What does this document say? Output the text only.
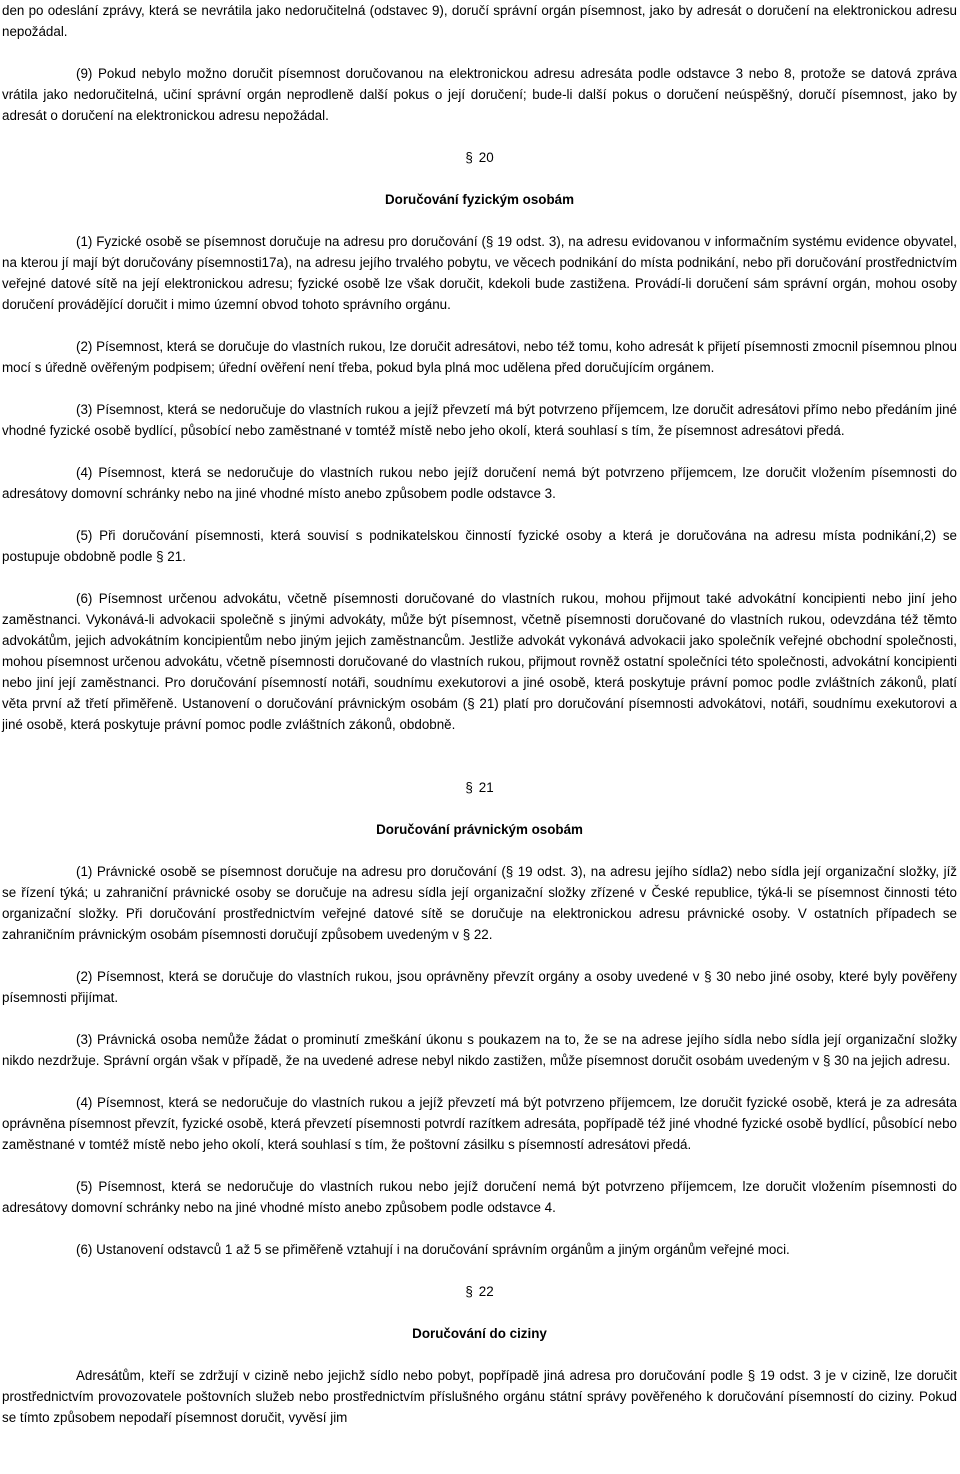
den po odeslání zprávy, která se nevrátila jako nedoručitelná (odstavec 9), doručí správní orgán písemnost, jako by adresát o doručení na elektronickou adresu nepožádal.

(9) Pokud nebylo možno doručit písemnost doručovanou na elektronickou adresu adresáta podle odstavce 3 nebo 8, protože se datová zpráva vrátila jako nedoručitelná, učiní správní orgán neprodleně další pokus o její doručení; bude-li další pokus o doručení neúspěšný, doručí písemnost, jako by adresát o doručení na elektronickou adresu nepožádal.

§ 20
Doručování fyzickým osobám

(1) Fyzické osobě se písemnost doručuje na adresu pro doručování (§ 19 odst. 3), na adresu evidovanou v informačním systému evidence obyvatel, na kterou jí mají být doručovány písemnosti17a), na adresu jejího trvalého pobytu, ve věcech podnikání do místa podnikání, nebo při doručování prostřednictvím veřejné datové sítě na její elektronickou adresu; fyzické osobě lze však doručit, kdekoli bude zastižena. Provádí-li doručení sám správní orgán, mohou osoby doručení provádějící doručit i mimo územní obvod tohoto správního orgánu.

(2) Písemnost, která se doručuje do vlastních rukou, lze doručit adresátovi, nebo též tomu, koho adresát k přijetí písemnosti zmocnil písemnou plnou mocí s úředně ověřeným podpisem; úřední ověření není třeba, pokud byla plná moc udělena před doručujícím orgánem.

(3) Písemnost, která se nedoručuje do vlastních rukou a jejíž převzetí má být potvrzeno příjemcem, lze doručit adresátovi přímo nebo předáním jiné vhodné fyzické osobě bydlící, působící nebo zaměstnané v tomtéž místě nebo jeho okolí, která souhlasí s tím, že písemnost adresátovi předá.

(4) Písemnost, která se nedoručuje do vlastních rukou nebo jejíž doručení nemá být potvrzeno příjemcem, lze doručit vložením písemnosti do adresátovy domovní schránky nebo na jiné vhodné místo anebo způsobem podle odstavce 3.

(5) Při doručování písemnosti, která souvisí s podnikatelskou činností fyzické osoby a která je doručována na adresu místa podnikání,2) se postupuje obdobně podle § 21.

(6) Písemnost určenou advokátu, včetně písemnosti doručované do vlastních rukou, mohou přijmout také advokátní koncipienti nebo jiní jeho zaměstnanci. Vykonává-li advokacii společně s jinými advokáty, může být písemnost, včetně písemnosti doručované do vlastních rukou, odevzdána též těmto advokátům, jejich advokátním koncipientům nebo jiným jejich zaměstnancům. Jestliže advokát vykonává advokacii jako společník veřejné obchodní společnosti, mohou písemnost určenou advokátu, včetně písemnosti doručované do vlastních rukou, přijmout rovněž ostatní společníci této společnosti, advokátní koncipienti nebo jiní její zaměstnanci. Pro doručování písemností notáři, soudnímu exekutorovi a jiné osobě, která poskytuje právní pomoc podle zvláštních zákonů, platí věta první až třetí přiměřeně. Ustanovení o doručování právnickým osobám (§ 21) platí pro doručování písemnosti advokátovi, notáři, soudnímu exekutorovi a jiné osobě, která poskytuje právní pomoc podle zvláštních zákonů, obdobně.

§ 21
Doručování právnickým osobám

(1) Právnické osobě se písemnost doručuje na adresu pro doručování (§ 19 odst. 3), na adresu jejího sídla2) nebo sídla její organizační složky, jíž se řízení týká; u zahraniční právnické osoby se doručuje na adresu sídla její organizační složky zřízené v České republice, týká-li se písemnost činnosti této organizační složky. Při doručování prostřednictvím veřejné datové sítě se doručuje na elektronickou adresu právnické osoby. V ostatních případech se zahraničním právnickým osobám písemnosti doručují způsobem uvedeným v § 22.

(2) Písemnost, která se doručuje do vlastních rukou, jsou oprávněny převzít orgány a osoby uvedené v § 30 nebo jiné osoby, které byly pověřeny písemnosti přijímat.

(3) Právnická osoba nemůže žádat o prominutí zmeškání úkonu s poukazem na to, že se na adrese jejího sídla nebo sídla její organizační složky nikdo nezdržuje. Správní orgán však v případě, že na uvedené adrese nebyl nikdo zastižen, může písemnost doručit osobám uvedeným v § 30 na jejich adresu.

(4) Písemnost, která se nedoručuje do vlastních rukou a jejíž převzetí má být potvrzeno příjemcem, lze doručit fyzické osobě, která je za adresáta oprávněna písemnost převzít, fyzické osobě, která převzetí písemnosti potvrdí razítkem adresáta, popřípadě též jiné vhodné fyzické osobě bydlící, působící nebo zaměstnané v tomtéž místě nebo jeho okolí, která souhlasí s tím, že poštovní zásilku s písemností adresátovi předá.

(5) Písemnost, která se nedoručuje do vlastních rukou nebo jejíž doručení nemá být potvrzeno příjemcem, lze doručit vložením písemnosti do adresátovy domovní schránky nebo na jiné vhodné místo anebo způsobem podle odstavce 4.

(6) Ustanovení odstavců 1 až 5 se přiměřeně vztahují i na doručování správním orgánům a jiným orgánům veřejné moci.

§ 22
Doručování do ciziny

Adresátům, kteří se zdržují v cizině nebo jejichž sídlo nebo pobyt, popřípadě jiná adresa pro doručování podle § 19 odst. 3 je v cizině, lze doručit prostřednictvím provozovatele poštovních služeb nebo prostřednictvím příslušného orgánu státní správy pověřeného k doručování písemností do ciziny. Pokud se tímto způsobem nepodaří písemnost doručit, vyvěsí jim
